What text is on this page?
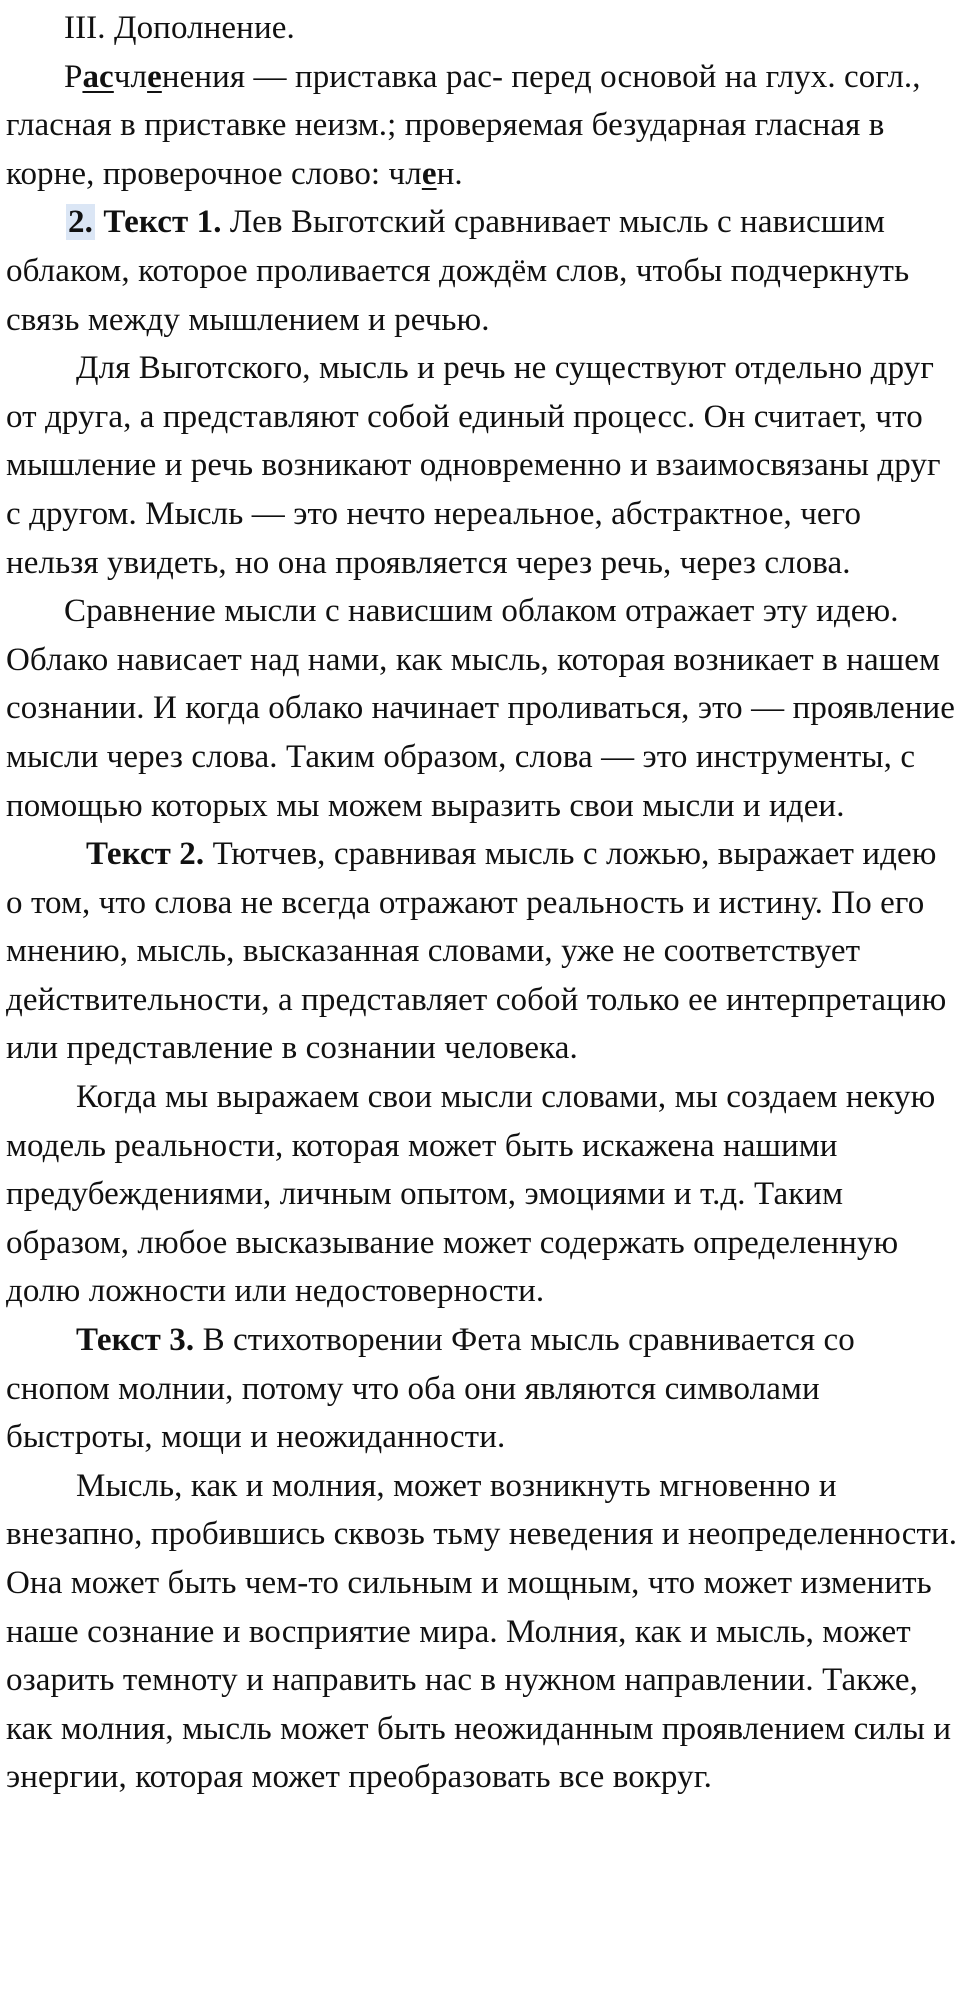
III. Дополнение.

Расчленения — приставка рас- перед основой на глух. согл., гласная в приставке неизм.; проверяемая безударная гласная в корне, проверочное слово: член.

2. Текст 1. Лев Выготский сравнивает мысль с нависшим облаком, которое проливается дождём слов, чтобы подчеркнуть связь между мышлением и речью.

Для Выготского, мысль и речь не существуют отдельно друг от друга, а представляют собой единый процесс. Он считает, что мышление и речь возникают одновременно и взаимосвязаны друг с другом. Мысль — это нечто нереальное, абстрактное, чего нельзя увидеть, но она проявляется через речь, через слова.

Сравнение мысли с нависшим облаком отражает эту идею. Облако нависает над нами, как мысль, которая возникает в нашем сознании. И когда облако начинает проливаться, это — проявление мысли через слова. Таким образом, слова — это инструменты, с помощью которых мы можем выразить свои мысли и идеи.

Текст 2. Тютчев, сравнивая мысль с ложью, выражает идею о том, что слова не всегда отражают реальность и истину. По его мнению, мысль, высказанная словами, уже не соответствует действительности, а представляет собой только ее интерпретацию или представление в сознании человека.

Когда мы выражаем свои мысли словами, мы создаем некую модель реальности, которая может быть искажена нашими предубеждениями, личным опытом, эмоциями и т.д. Таким образом, любое высказывание может содержать определенную долю ложности или недостоверности.

Текст 3. В стихотворении Фета мысль сравнивается со снопом молнии, потому что оба они являются символами быстроты, мощи и неожиданности.

Мысль, как и молния, может возникнуть мгновенно и внезапно, пробившись сквозь тьму неведения и неопределенности. Она может быть чем-то сильным и мощным, что может изменить наше сознание и восприятие мира. Молния, как и мысль, может озарить темноту и направить нас в нужном направлении. Также, как молния, мысль может быть неожиданным проявлением силы и энергии, которая может преобразовать все вокруг.
